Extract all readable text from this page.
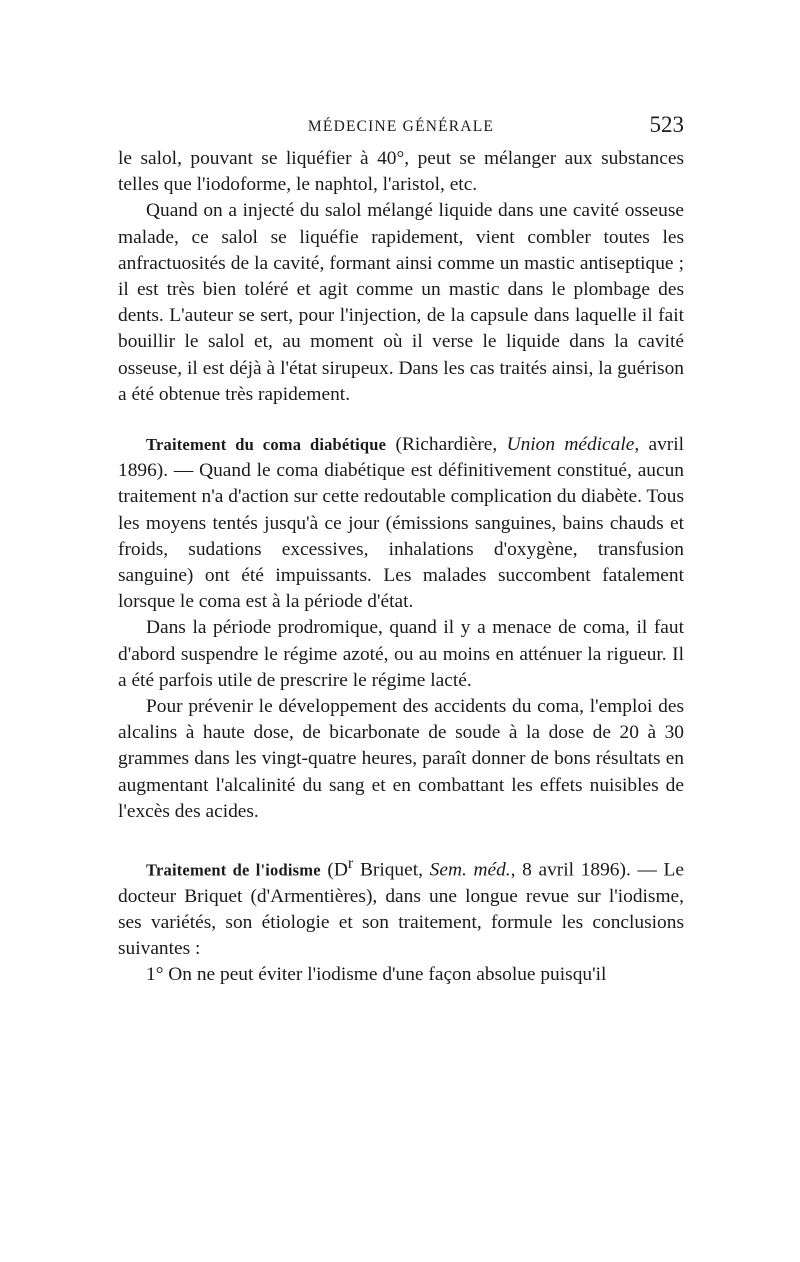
MÉDECINE GÉNÉRALE	523

le salol, pouvant se liquéfier à 40°, peut se mélanger aux substances telles que l'iodoforme, le naphtol, l'aristol, etc.

Quand on a injecté du salol mélangé liquide dans une cavité osseuse malade, ce salol se liquéfie rapidement, vient combler toutes les anfractuosités de la cavité, formant ainsi comme un mastic antiseptique ; il est très bien toléré et agit comme un mastic dans le plombage des dents. L'auteur se sert, pour l'injection, de la capsule dans laquelle il fait bouillir le salol et, au moment où il verse le liquide dans la cavité osseuse, il est déjà à l'état sirupeux. Dans les cas traités ainsi, la guérison a été obtenue très rapidement.

Traitement du coma diabétique (Richardière, Union médicale, avril 1896). — Quand le coma diabétique est définitivement constitué, aucun traitement n'a d'action sur cette redoutable complication du diabète. Tous les moyens tentés jusqu'à ce jour (émissions sanguines, bains chauds et froids, sudations excessives, inhalations d'oxygène, transfusion sanguine) ont été impuissants. Les malades succombent fatalement lorsque le coma est à la période d'état.

Dans la période prodromique, quand il y a menace de coma, il faut d'abord suspendre le régime azoté, ou au moins en atténuer la rigueur. Il a été parfois utile de prescrire le régime lacté.

Pour prévenir le développement des accidents du coma, l'emploi des alcalins à haute dose, de bicarbonate de soude à la dose de 20 à 30 grammes dans les vingt-quatre heures, paraît donner de bons résultats en augmentant l'alcalinité du sang et en combattant les effets nuisibles de l'excès des acides.

Traitement de l'iodisme ($D^r$ Briquet, Sem. méd., 8 avril 1896). — Le docteur Briquet (d'Armentières), dans une longue revue sur l'iodisme, ses variétés, son étiologie et son traitement, formule les conclusions suivantes :

1° On ne peut éviter l'iodisme d'une façon absolue puisqu'il
